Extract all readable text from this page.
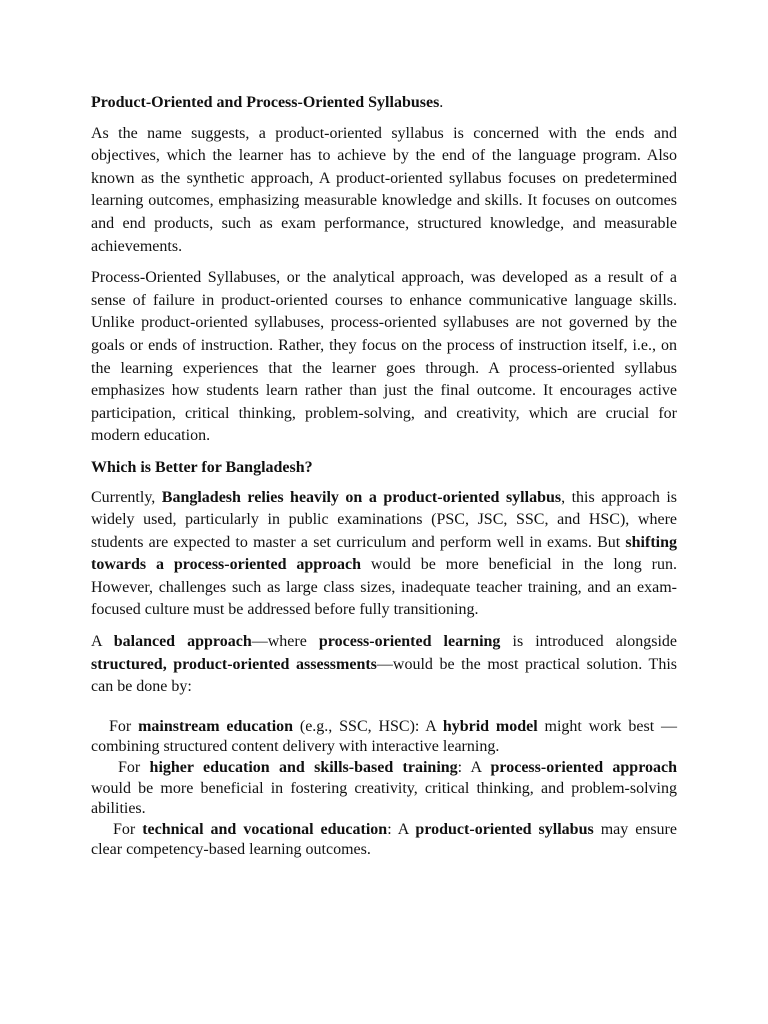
Product-Oriented and Process-Oriented Syllabuses.

As the name suggests, a product-oriented syllabus is concerned with the ends and objectives, which the learner has to achieve by the end of the language program. Also known as the synthetic approach, A product-oriented syllabus focuses on predetermined learning outcomes, emphasizing measurable knowledge and skills. It focuses on outcomes and end products, such as exam performance, structured knowledge, and measurable achievements.

Process-Oriented Syllabuses, or the analytical approach, was developed as a result of a sense of failure in product-oriented courses to enhance communicative language skills. Unlike product-oriented syllabuses, process-oriented syllabuses are not governed by the goals or ends of instruction. Rather, they focus on the process of instruction itself, i.e., on the learning experiences that the learner goes through. A process-oriented syllabus emphasizes how students learn rather than just the final outcome. It encourages active participation, critical thinking, problem-solving, and creativity, which are crucial for modern education.

Which is Better for Bangladesh?

Currently, Bangladesh relies heavily on a product-oriented syllabus, this approach is widely used, particularly in public examinations (PSC, JSC, SSC, and HSC), where students are expected to master a set curriculum and perform well in exams. But shifting towards a process-oriented approach would be more beneficial in the long run. However, challenges such as large class sizes, inadequate teacher training, and an exam-focused culture must be addressed before fully transitioning.

A balanced approach—where process-oriented learning is introduced alongside structured, product-oriented assessments—would be the most practical solution. This can be done by:

For mainstream education (e.g., SSC, HSC): A hybrid model might work best —combining structured content delivery with interactive learning.

For higher education and skills-based training: A process-oriented approach would be more beneficial in fostering creativity, critical thinking, and problem-solving abilities.

For technical and vocational education: A product-oriented syllabus may ensure clear competency-based learning outcomes.
